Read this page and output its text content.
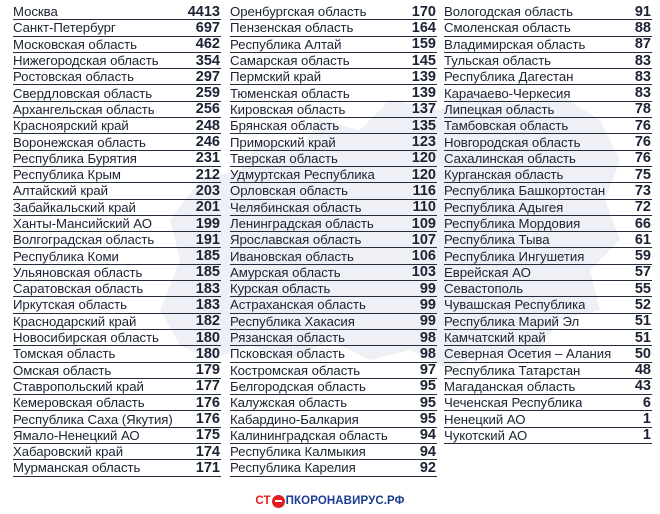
Москва	4413
Санкт-Петербург	697
Московская область	462
Нижегородская область	354
Ростовская область	297
Свердловская область	259
Архангельская область	256
Красноярский край	248
Воронежская область	246
Республика Бурятия	231
Республика Крым	212
Алтайский край	203
Забайкальский край	201
Ханты-Мансийский АО	199
Волгоградская область	191
Республика Коми	185
Ульяновская область	185
Саратовская область	183
Иркутская область	183
Краснодарский край	182
Новосибирская область	180
Томская область	180
Омская область	179
Ставропольский край	177
Кемеровская область	176
Республика Саха (Якутия) 176
Ямало-Ненецкий АО	175
Хабаровский край	174
Мурманская область	171
Оренбургская область	170
Пензенская область	164
Республика Алтай	159
Самарская область	145
Пермский край	139
Тюменская область	139
Кировская область	137
Брянская область	135
Приморский край	123
Тверская область	120
Удмуртская Республика	120
Орловская область	116
Челябинская область	110
Ленинградская область	109
Ярославская область	107
Ивановская область	106
Амурская область	103
Курская область	99
Астраханская область	99
Республика Хакасия	99
Рязанская область	98
Псковская область	98
Костромская область	97
Белгородская область	95
Калужская область	95
Кабардино-Балкария	95
Калининградская область 94
Республика Калмыкия	94
Республика Карелия	92
Вологодская область	91
Смоленская область	88
Владимирская область	87
Тульская область	83
Республика Дагестан	83
Карачаево-Черкесия	83
Липецкая область	78
Тамбовская область	76
Новгородская область	76
Сахалинская область	76
Курганская область	75
Республика Башкортостан 73
Республика Адыгея	72
Республика Мордовия	66
Республика Тыва	61
Республика Ингушетия	59
Еврейская АО	57
Севастополь	55
Чувашская Республика	52
Республика Марий Эл	51
Камчатский край	51
Северная Осетия – Алания 50
Республика Татарстан	48
Магаданская область	43
Чеченская Республика	6
Ненецкий АО	1
Чукотский АО	1
СТ ПКОРОНАВИРУС.РФ
